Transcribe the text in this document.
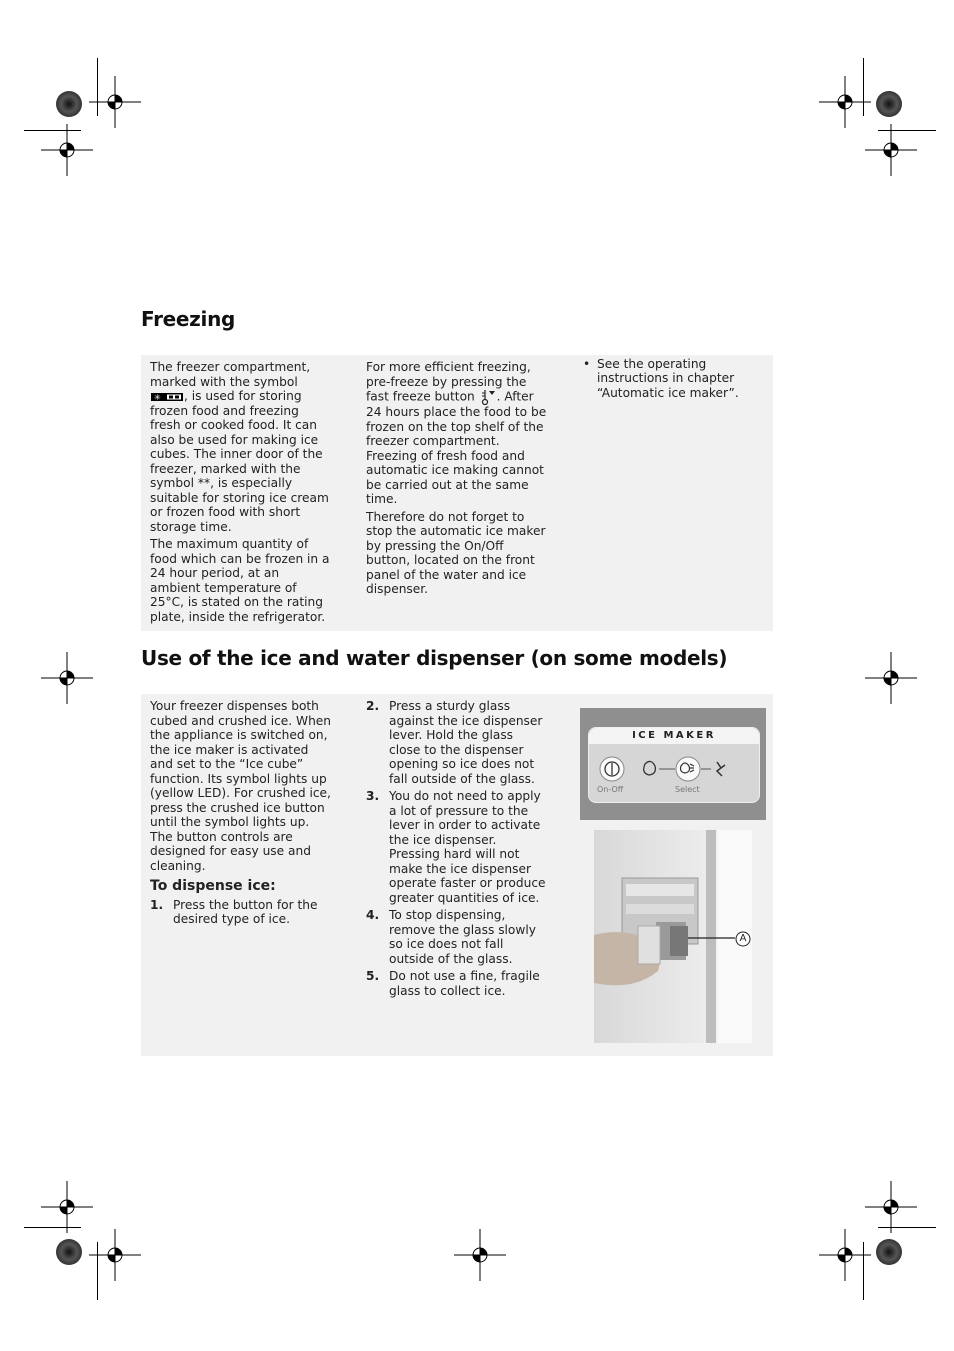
Freezing

The freezer compartment, marked with the symbol
✳ , is used for storing frozen food and freezing fresh or cooked food. It can also be used for making ice cubes. The inner door of the freezer, marked with the symbol **, is especially suitable for storing ice cream or frozen food with short storage time.

The maximum quantity of food which can be frozen in a 24 hour period, at an ambient temperature of 25°C, is stated on the rating plate, inside the refrigerator.

For more efficient freezing, pre-freeze by pressing the fast freeze button . After 24 hours place the food to be frozen on the top shelf of the freezer compartment. Freezing of fresh food and automatic ice making cannot be carried out at the same time.

Therefore do not forget to stop the automatic ice maker by pressing the On/Off button, located on the front panel of the water and ice dispenser.

• See the operating instructions in chapter “Automatic ice maker”.
Use of the ice and water dispenser (on some models)

Your freezer dispenses both cubed and crushed ice. When the appliance is switched on, the ice maker is activated and set to the “Ice cube” function. Its symbol lights up (yellow LED). For crushed ice, press the crushed ice button until the symbol lights up. The button controls are designed for easy use and cleaning.

To dispense ice:
1. Press the button for the desired type of ice.
2. Press a sturdy glass against the ice dispenser lever. Hold the glass close to the dispenser opening so ice does not fall outside of the glass.
3. You do not need to apply a lot of pressure to the lever in order to activate the ice dispenser. Pressing hard will not make the ice dispenser operate faster or produce greater quantities of ice.
4. To stop dispensing, remove the glass slowly so ice does not fall outside of the glass.
5. Do not use a fine, fragile glass to collect ice.
ICE MAKER
On-Off	Select
A
